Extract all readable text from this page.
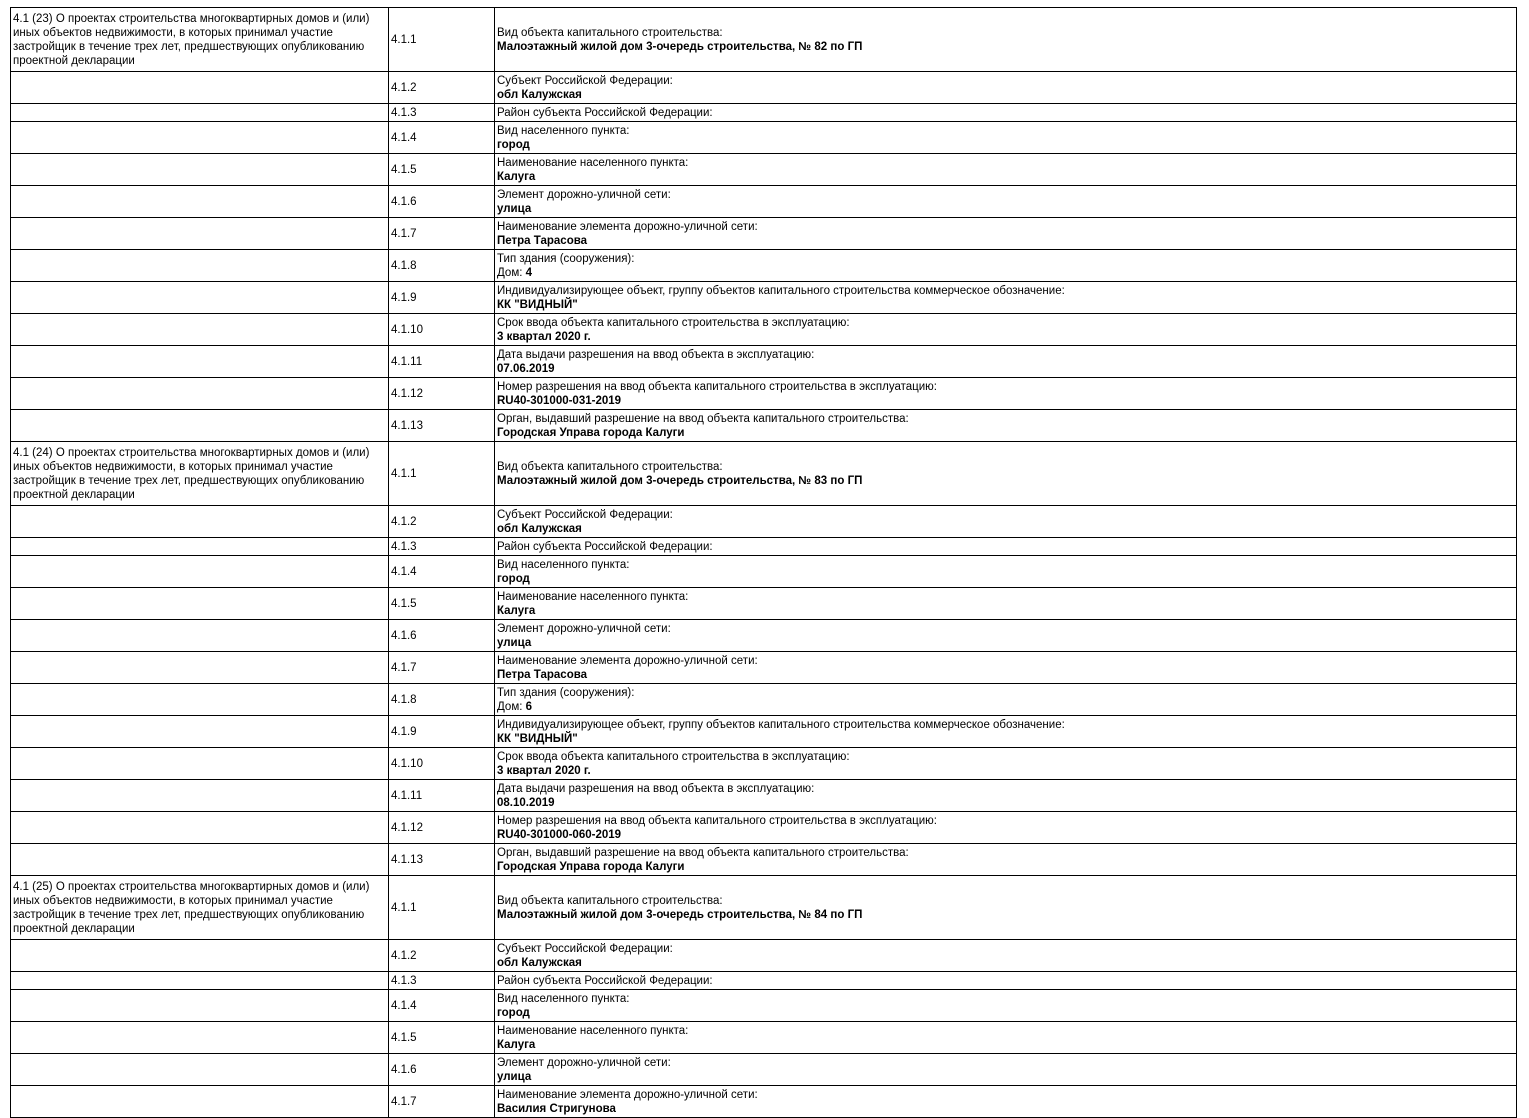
4.1 (23) О проектах строительства многоквартирных домов и (или) иных объектов недвижимости, в которых принимал участие застройщик в течение трех лет, предшествующих опубликованию проектной декларации	4.1.1	Вид объекта капитального строительства:
Малоэтажный жилой дом 3-очередь строительства, № 82 по ГП

	4.1.2	Субъект Российской Федерации:
обл Калужская

	4.1.3	Район субъекта Российской Федерации:

	4.1.4	Вид населенного пункта:
город

	4.1.5	Наименование населенного пункта:
Калуга

	4.1.6	Элемент дорожно-уличной сети:
улица

	4.1.7	Наименование элемента дорожно-уличной сети:
Петра Тарасова

	4.1.8	Тип здания (сооружения):
Дом: 4

	4.1.9	Индивидуализирующее объект, группу объектов капитального строительства коммерческое обозначение:
КК "ВИДНЫЙ"

	4.1.10	Срок ввода объекта капитального строительства в эксплуатацию:
3 квартал 2020 г.

	4.1.11	Дата выдачи разрешения на ввод объекта в эксплуатацию:
07.06.2019

	4.1.12	Номер разрешения на ввод объекта капитального строительства в эксплуатацию:
RU40-301000-031-2019

	4.1.13	Орган, выдавший разрешение на ввод объекта капитального строительства:
Городская Управа города Калуги

4.1 (24) О проектах строительства многоквартирных домов и (или) иных объектов недвижимости, в которых принимал участие застройщик в течение трех лет, предшествующих опубликованию проектной декларации	4.1.1	Вид объекта капитального строительства:
Малоэтажный жилой дом 3-очередь строительства, № 83 по ГП

	4.1.2	Субъект Российской Федерации:
обл Калужская

	4.1.3	Район субъекта Российской Федерации:

	4.1.4	Вид населенного пункта:
город

	4.1.5	Наименование населенного пункта:
Калуга

	4.1.6	Элемент дорожно-уличной сети:
улица

	4.1.7	Наименование элемента дорожно-уличной сети:
Петра Тарасова

	4.1.8	Тип здания (сооружения):
Дом: 6

	4.1.9	Индивидуализирующее объект, группу объектов капитального строительства коммерческое обозначение:
КК "ВИДНЫЙ"

	4.1.10	Срок ввода объекта капитального строительства в эксплуатацию:
3 квартал 2020 г.

	4.1.11	Дата выдачи разрешения на ввод объекта в эксплуатацию:
08.10.2019

	4.1.12	Номер разрешения на ввод объекта капитального строительства в эксплуатацию:
RU40-301000-060-2019

	4.1.13	Орган, выдавший разрешение на ввод объекта капитального строительства:
Городская Управа города Калуги

4.1 (25) О проектах строительства многоквартирных домов и (или) иных объектов недвижимости, в которых принимал участие застройщик в течение трех лет, предшествующих опубликованию проектной декларации	4.1.1	Вид объекта капитального строительства:
Малоэтажный жилой дом 3-очередь строительства, № 84 по ГП

	4.1.2	Субъект Российской Федерации:
обл Калужская

	4.1.3	Район субъекта Российской Федерации:

	4.1.4	Вид населенного пункта:
город

	4.1.5	Наименование населенного пункта:
Калуга

	4.1.6	Элемент дорожно-уличной сети:
улица

	4.1.7	Наименование элемента дорожно-уличной сети:
Василия Стригунова
